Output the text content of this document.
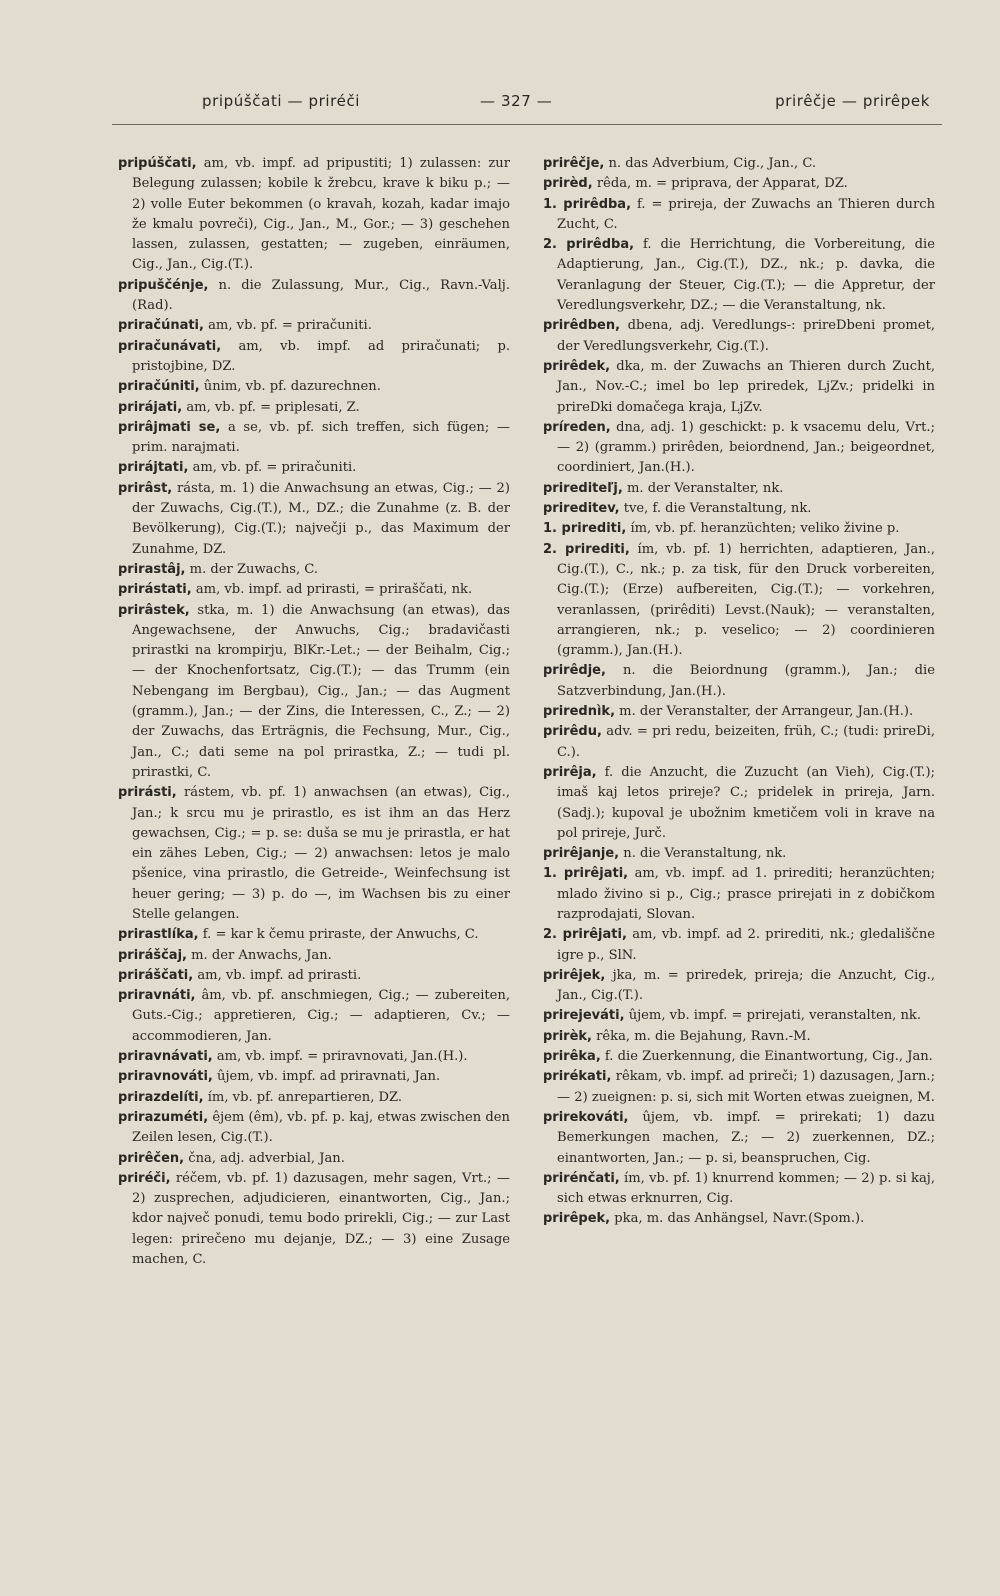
pripúščati — priréči	— 327 —	prirêčje — prirêpek

pripúščati, am, vb. impf. ad pripustiti; 1) zulassen: zur Belegung zulassen; kobile k žrebcu, krave k biku p.; — 2) volle Euter bekommen (o kravah, kozah, kadar imajo že kmalu povreči), Cig., Jan., M., Gor.; — 3) geschehen lassen, zulassen, gestatten; — zugeben, einräumen, Cig., Jan., Cig.(T.).

pripuščénje, n. die Zulassung, Mur., Cig., Ravn.-Valj.(Rad).

priračúnati, am, vb. pf. = priračuniti.

priračunávati, am, vb. impf. ad priračunati; p. pristojbine, DZ.

priračúniti, ûnim, vb. pf. dazurechnen.

prirájati, am, vb. pf. = priplesati, Z.

prirâjmati se, a se, vb. pf. sich treffen, sich fügen; — prim. narajmati.

prirájtati, am, vb. pf. = priračuniti.

prirâst, rásta, m. 1) die Anwachsung an etwas, Cig.; — 2) der Zuwachs, Cig.(T.), M., DZ.; die Zunahme (z. B. der Bevölkerung), Cig.(T.); največji p., das Maximum der Zunahme, DZ.

prirastâj, m. der Zuwachs, C.

prirástati, am, vb. impf. ad prirasti, = priraščati, nk.

prirâstek, stka, m. 1) die Anwachsung (an etwas), das Angewachsene, der Anwuchs, Cig.; bradavičasti prirastki na krompirju, BlKr.-Let.; — der Beihalm, Cig.; — der Knochenfortsatz, Cig.(T.); — das Trumm (ein Nebengang im Bergbau), Cig., Jan.; — das Augment (gramm.), Jan.; — der Zins, die Interessen, C., Z.; — 2) der Zuwachs, das Erträgnis, die Fechsung, Mur., Cig., Jan., C.; dati seme na pol prirastka, Z.; — tudi pl. prirastki, C.

prirásti, rástem, vb. pf. 1) anwachsen (an etwas), Cig., Jan.; k srcu mu je prirastlo, es ist ihm an das Herz gewachsen, Cig.; = p. se: duša se mu je prirastla, er hat ein zähes Leben, Cig.; — 2) anwachsen: letos je malo pšenice, vina prirastlo, die Getreide-, Weinfechsung ist heuer gering; — 3) p. do —, im Wachsen bis zu einer Stelle gelangen.

prirastlíka, f. = kar k čemu priraste, der Anwuchs, C.

priráščaj, m. der Anwachs, Jan.

priráščati, am, vb. impf. ad prirasti.

priravnáti, âm, vb. pf. anschmiegen, Cig.; — zubereiten, Guts.-Cig.; appretieren, Cig.; — adaptieren, Cv.; — accommodieren, Jan.

priravnávati, am, vb. impf. = priravnovati, Jan.(H.).

priravnováti, ûjem, vb. impf. ad priravnati, Jan.

prirazdelíti, ím, vb. pf. anrepartieren, DZ.

prirazuméti, êjem (êm), vb. pf. p. kaj, etwas zwischen den Zeilen lesen, Cig.(T.).

prirêčen, čna, adj. adverbial, Jan.

priréči, réčem, vb. pf. 1) dazusagen, mehr sagen, Vrt.; — 2) zusprechen, adjudicieren, einantworten, Cig., Jan.; kdor največ ponudi, temu bodo prirekli, Cig.; — zur Last legen: prirečeno mu dejanje, DZ.; — 3) eine Zusage machen, C.

prirêčje, n. das Adverbium, Cig., Jan., C.

prirèd, rêda, m. = priprava, der Apparat, DZ.

1. prirêdba, f. = prireja, der Zuwachs an Thieren durch Zucht, C.

2. prirêdba, f. die Herrichtung, die Vorbereitung, die Adaptierung, Jan., Cig.(T.), DZ., nk.; p. davka, die Veranlagung der Steuer, Cig.(T.); — die Appretur, der Veredlungsverkehr, DZ.; — die Veranstaltung, nk.

prirêdben, dbena, adj. Veredlungs-: prireDbeni promet, der Veredlungsverkehr, Cig.(T.).

prirêdek, dka, m. der Zuwachs an Thieren durch Zucht, Jan., Nov.-C.; imel bo lep priredek, LjZv.; pridelki in prireDki domačega kraja, LjZv.

príreden, dna, adj. 1) geschickt: p. k vsacemu delu, Vrt.; — 2) (gramm.) prirêden, beiordnend, Jan.; beigeordnet, coordiniert, Jan.(H.).

prirediteľj, m. der Veranstalter, nk.

prireditev, tve, f. die Veranstaltung, nk.

1. prirediti, ím, vb. pf. heranzüchten; veliko živine p.

2. prirediti, ím, vb. pf. 1) herrichten, adaptieren, Jan., Cig.(T.), C., nk.; p. za tisk, für den Druck vorbereiten, Cig.(T.); (Erze) aufbereiten, Cig.(T.); — vorkehren, veranlassen, (prirêditi) Levst.(Nauk); — veranstalten, arrangieren, nk.; p. veselico; — 2) coordinieren (gramm.), Jan.(H.).

prirêdje, n. die Beiordnung (gramm.), Jan.; die Satzverbindung, Jan.(H.).

prirednìk, m. der Veranstalter, der Arrangeur, Jan.(H.).

prirêdu, adv. = pri redu, beizeiten, früh, C.; (tudi: prireDi, C.).

prirêja, f. die Anzucht, die Zuzucht (an Vieh), Cig.(T.); imaš kaj letos prireje? C.; pridelek in prireja, Jarn.(Sadj.); kupoval je ubožnim kmetičem voli in krave na pol prireje, Jurč.

prirêjanje, n. die Veranstaltung, nk.

1. prirêjati, am, vb. impf. ad 1. prirediti; heranzüchten; mlado živino si p., Cig.; prasce prirejati in z dobičkom razprodajati, Slovan.

2. prirêjati, am, vb. impf. ad 2. prirediti, nk.; gledališčne igre p., SlN.

prirêjek, jka, m. = priredek, prireja; die Anzucht, Cig., Jan., Cig.(T.).

prirejeváti, ûjem, vb. impf. = prirejati, veranstalten, nk.

prirèk, rêka, m. die Bejahung, Ravn.-M.

prirêka, f. die Zuerkennung, die Einantwortung, Cig., Jan.

prirékati, rêkam, vb. impf. ad prireči; 1) dazusagen, Jarn.; — 2) zueignen: p. si, sich mit Worten etwas zueignen, M.

prirekováti, ûjem, vb. impf. = prirekati; 1) dazu Bemerkungen machen, Z.; — 2) zuerkennen, DZ.; einantworten, Jan.; — p. si, beanspruchen, Cig.

prirénčati, ím, vb. pf. 1) knurrend kommen; — 2) p. si kaj, sich etwas erknurren, Cig.

prirêpek, pka, m. das Anhängsel, Navr.(Spom.).
